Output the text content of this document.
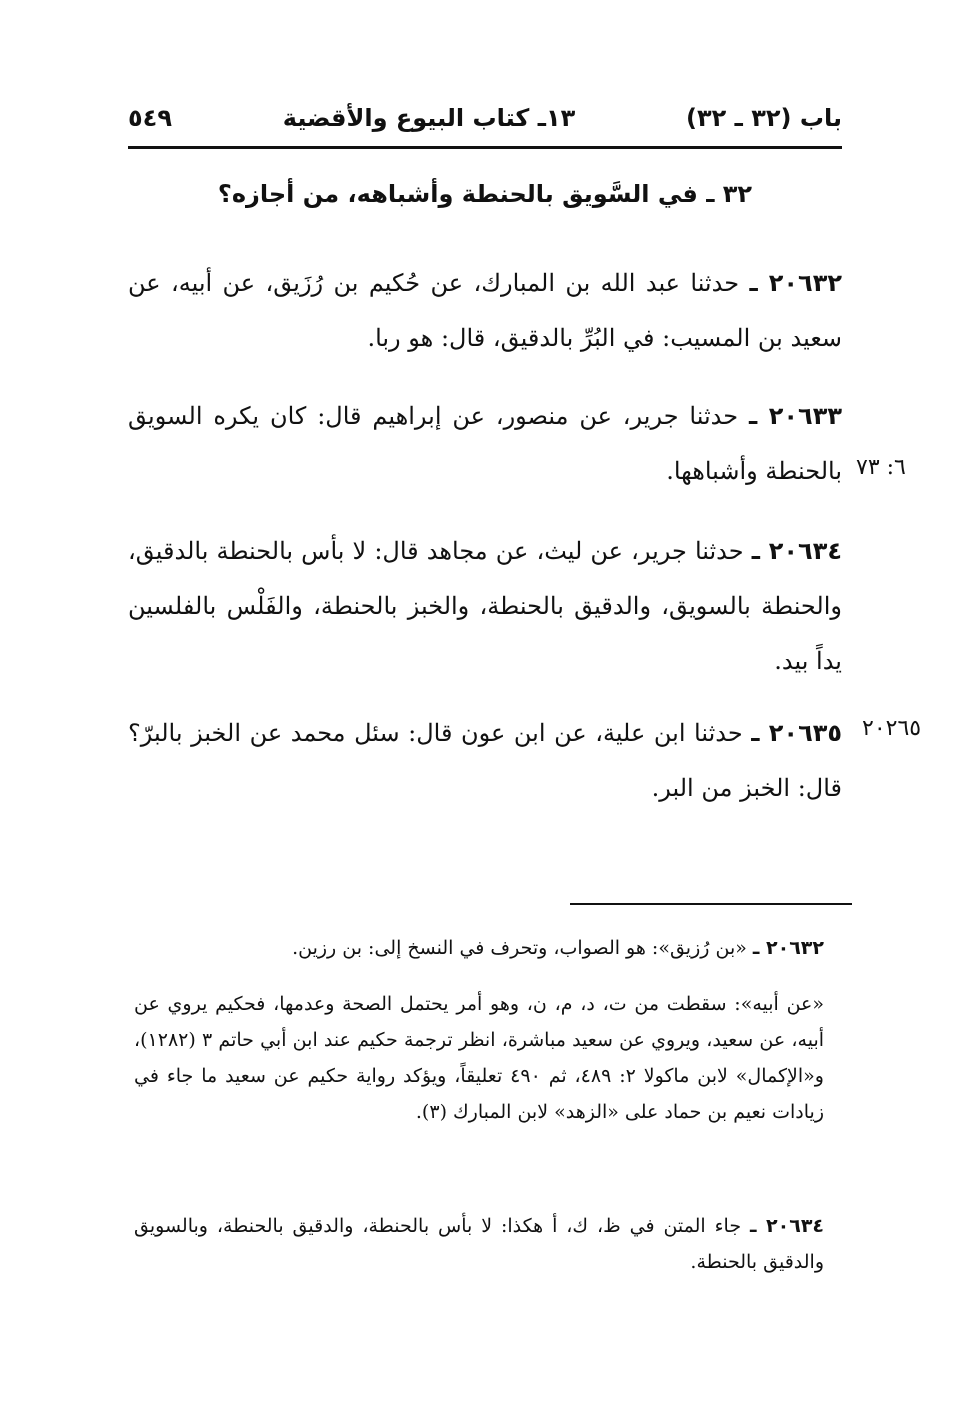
باب (٣٢ ـ ٣٢)
١٣ـ كتاب البيوع والأقضية
٥٤٩
٣٢ ـ في السَّويق بالحنطة وأشباهه، من أجازه؟
٢٠٦٣٢ ـ حدثنا عبد الله بن المبارك، عن حُكيم بن رُزَيق، عن أبيه، عن سعيد بن المسيب: في البُرِّ بالدقيق، قال: هو ربا.
٢٠٦٣٣ ـ حدثنا جرير، عن منصور، عن إبراهيم قال: كان يكره السويق بالحنطة وأشباهها. ٦: ٧٣
٢٠٦٣٤ ـ حدثنا جرير، عن ليث، عن مجاهد قال: لا بأس بالحنطة بالدقيق، والحنطة بالسويق، والدقيق بالحنطة، والخبز بالحنطة، والفَلْس بالفلسين يداً بيد.
٢٠٦٣٥ ـ حدثنا ابن علية، عن ابن عون قال: سئل محمد عن الخبز بالبرّ؟ قال: الخبز من البر.
٢٠٢٦٥
٢٠٦٣٢ ـ «بن رُزيق»: هو الصواب، وتحرف في النسخ إلى: بن رزين.
«عن أبيه»: سقطت من ت، د، م، ن، وهو أمر يحتمل الصحة وعدمها، فحكيم يروي عن أبيه، عن سعيد، ويروي عن سعيد مباشرة، انظر ترجمة حكيم عند ابن أبي حاتم ٣ (١٢٨٢)، و«الإكمال» لابن ماكولا ٢: ٤٨٩، ثم ٤٩٠ تعليقاً، ويؤكد رواية حكيم عن سعيد ما جاء في زيادات نعيم بن حماد على «الزهد» لابن المبارك (٣).
٢٠٦٣٤ ـ جاء المتن في ظ، ك، أ هكذا: لا بأس بالحنطة، والدقيق بالحنطة، وبالسويق والدقيق بالحنطة.
